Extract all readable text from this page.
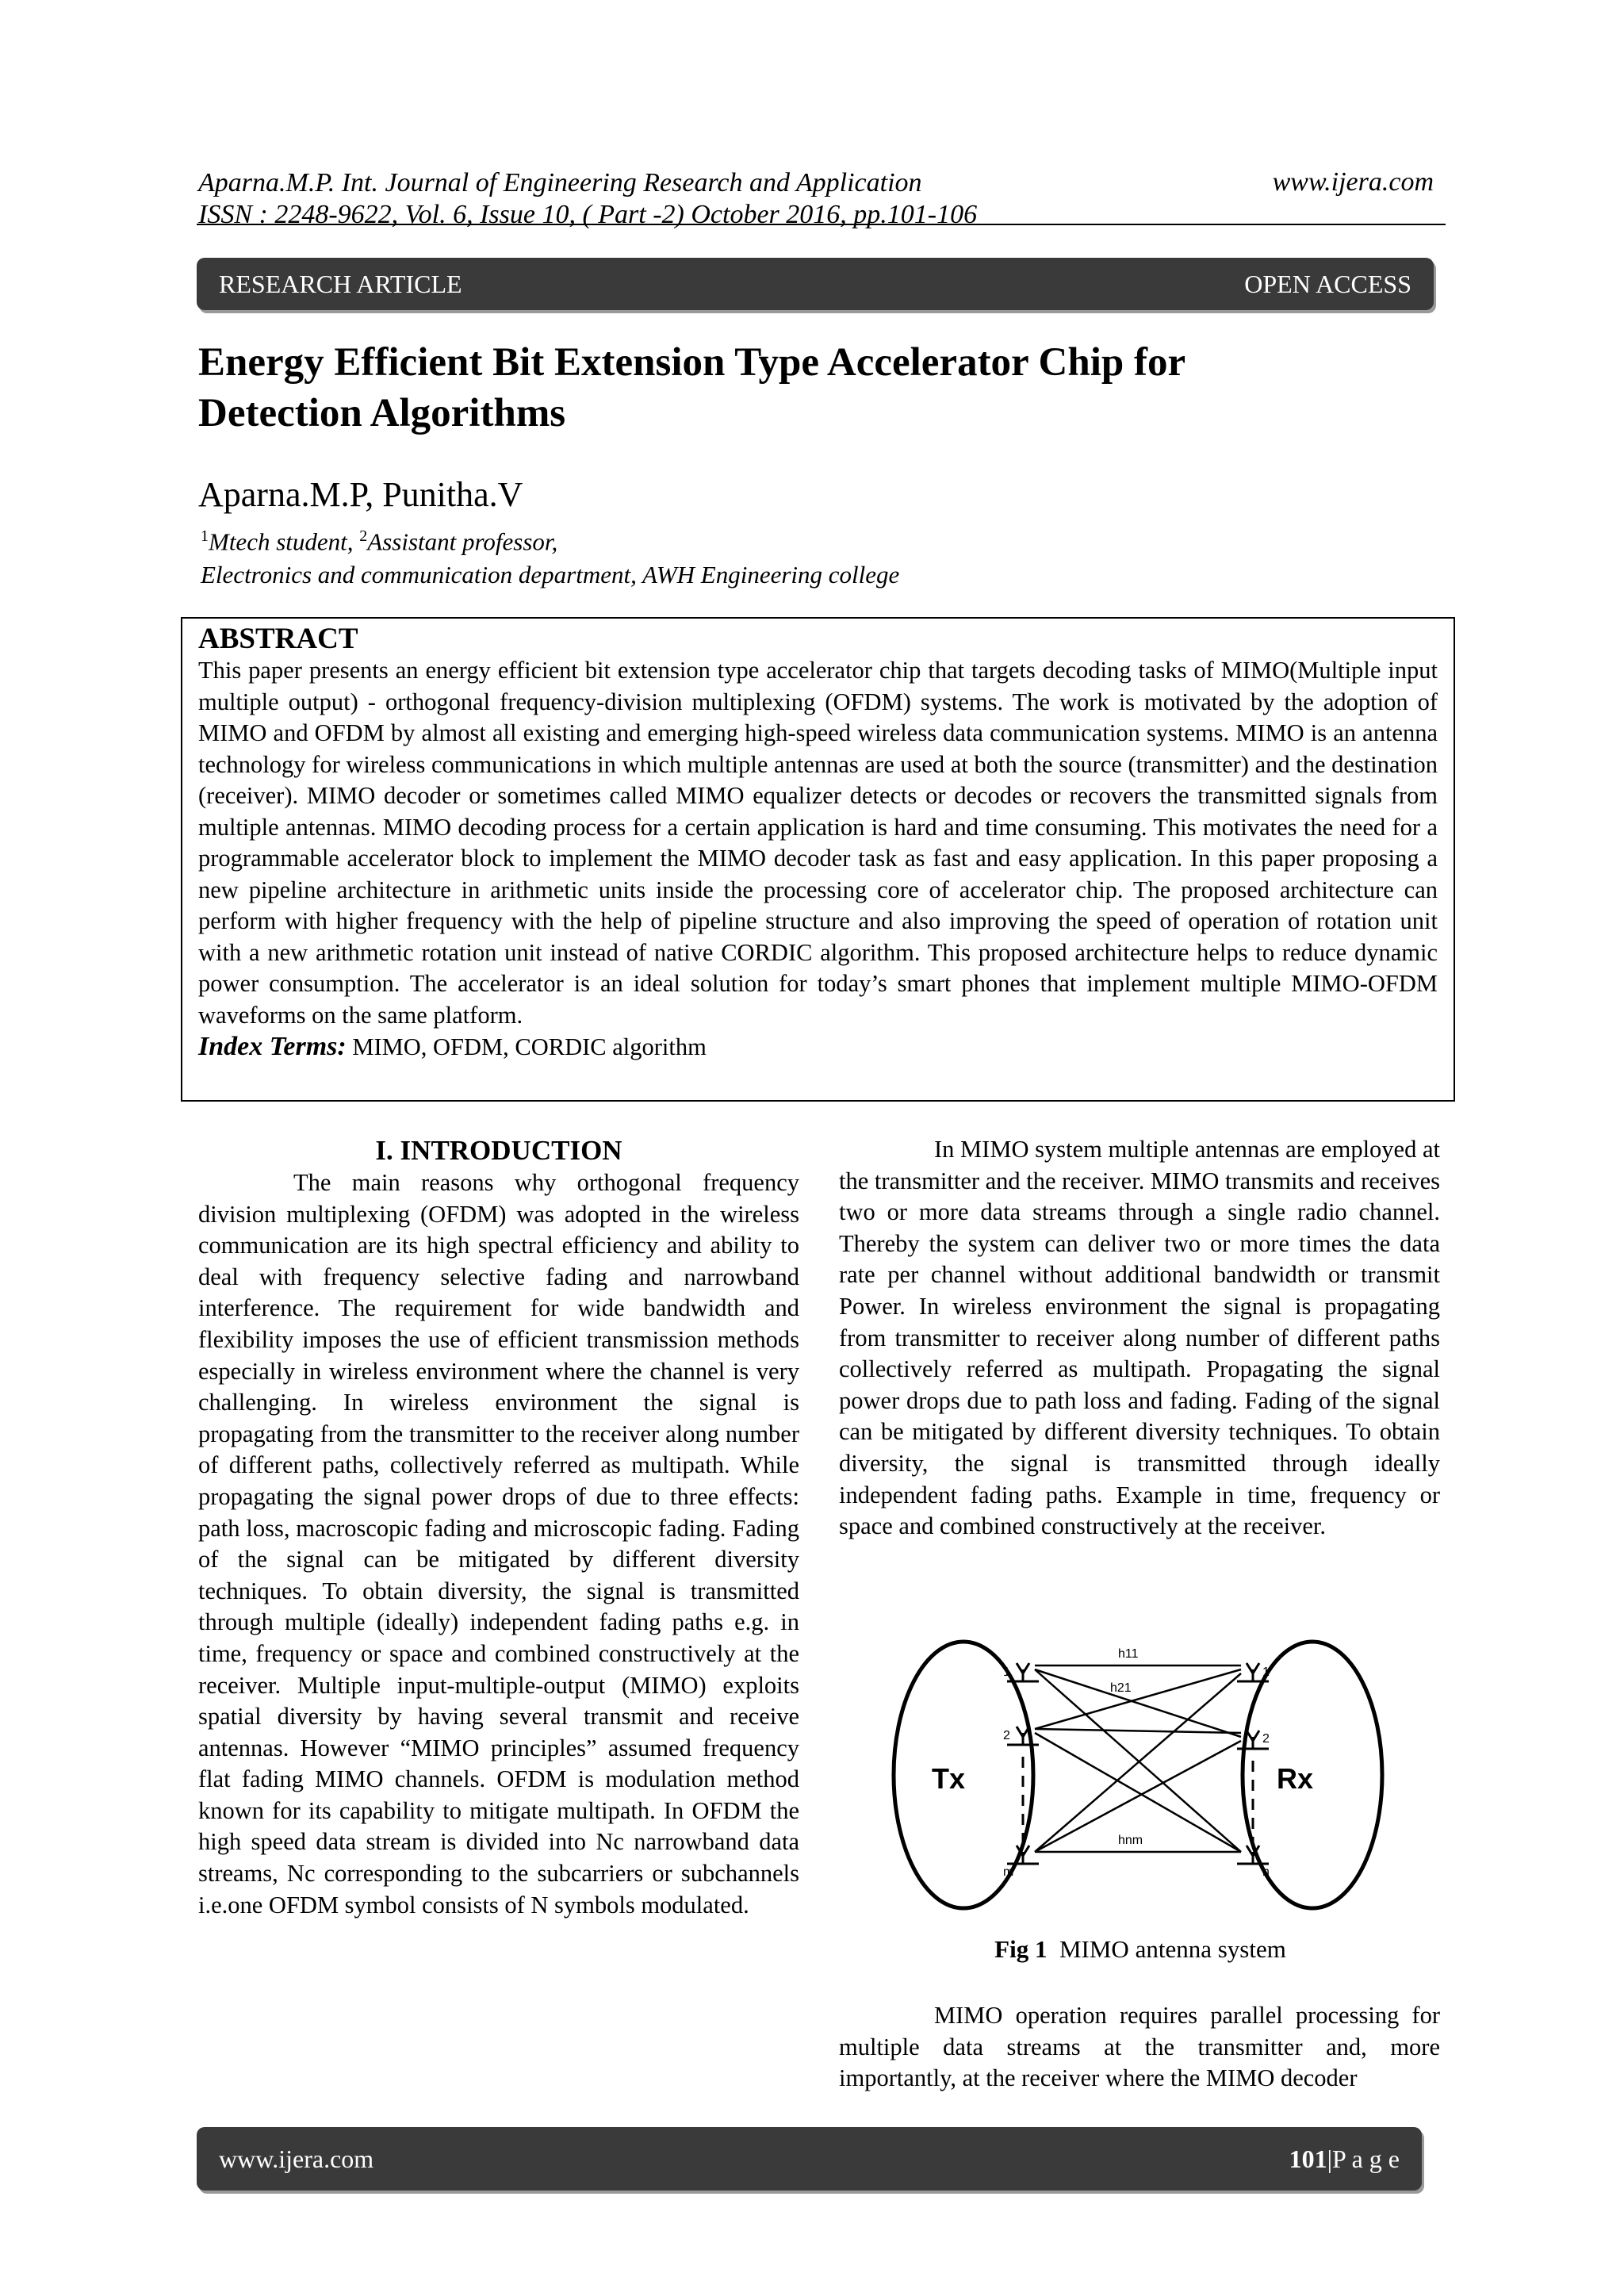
Aparna.M.P. Int. Journal of Engineering Research and Application
ISSN : 2248-9622, Vol. 6, Issue 10, ( Part -2) October 2016, pp.101-106
www.ijera.com
RESEARCH ARTICLE	OPEN ACCESS
Energy Efficient Bit Extension Type Accelerator Chip for
Detection Algorithms
Aparna.M.P, Punitha.V
$^1$Mtech student, $^2$Assistant professor,
Electronics and communication department, AWH Engineering college
ABSTRACT

This paper presents an energy efficient bit extension type accelerator chip that targets decoding tasks of MIMO(Multiple input multiple output) - orthogonal frequency-division multiplexing (OFDM) systems. The work is motivated by the adoption of MIMO and OFDM by almost all existing and emerging high-speed wireless data communication systems. MIMO is an antenna technology for wireless communications in which multiple antennas are used at both the source (transmitter) and the destination (receiver). MIMO decoder or sometimes called MIMO equalizer detects or decodes or recovers the transmitted signals from multiple antennas. MIMO decoding process for a certain application is hard and time consuming. This motivates the need for a programmable accelerator block to implement the MIMO decoder task as fast and easy application. In this paper proposing a new pipeline architecture in arithmetic units inside the processing core of accelerator chip. The proposed architecture can perform with higher frequency with the help of pipeline structure and also improving the speed of operation of rotation unit with a new arithmetic rotation unit instead of native CORDIC algorithm. This proposed architecture helps to reduce dynamic power consumption. The accelerator is an ideal solution for today’s smart phones that implement multiple MIMO-OFDM waveforms on the same platform.

Index Terms: MIMO, OFDM, CORDIC algorithm
I. INTRODUCTION

The main reasons why orthogonal frequency division multiplexing (OFDM) was adopted in the wireless communication are its high spectral efficiency and ability to deal with frequency selective fading and narrowband interference. The requirement for wide bandwidth and flexibility imposes the use of efficient transmission methods especially in wireless environment where the channel is very challenging. In wireless environment the signal is propagating from the transmitter to the receiver along number of different paths, collectively referred as multipath. While propagating the signal power drops of due to three effects: path loss, macroscopic fading and microscopic fading. Fading of the signal can be mitigated by different diversity techniques. To obtain diversity, the signal is transmitted through multiple (ideally) independent fading paths e.g. in time, frequency or space and combined constructively at the receiver. Multiple input-multiple-output (MIMO) exploits spatial diversity by having several transmit and receive antennas. However “MIMO principles” assumed frequency flat fading MIMO channels. OFDM is modulation method known for its capability to mitigate multipath. In OFDM the high speed data stream is divided into Nc narrowband data streams, Nc corresponding to the subcarriers or subchannels i.e.one OFDM symbol consists of N symbols modulated.

In MIMO system multiple antennas are employed at the transmitter and the receiver. MIMO transmits and receives two or more data streams through a single radio channel. Thereby the system can deliver two or more times the data rate per channel without additional bandwidth or transmit Power. In wireless environment the signal is propagating from transmitter to receiver along number of different paths collectively referred as multipath. Propagating the signal power drops due to path loss and fading. Fading of the signal can be mitigated by different diversity techniques. To obtain diversity, the signal is transmitted through ideally independent fading paths. Example in time, frequency or space and combined constructively at the receiver.

Tx	Rx
h11
h21
hnm
1
2
m
1
2
n
Fig 1 MIMO antenna system

MIMO operation requires parallel processing for multiple data streams at the transmitter and, more importantly, at the receiver where the MIMO decoder

www.ijera.com	101|P a g e
